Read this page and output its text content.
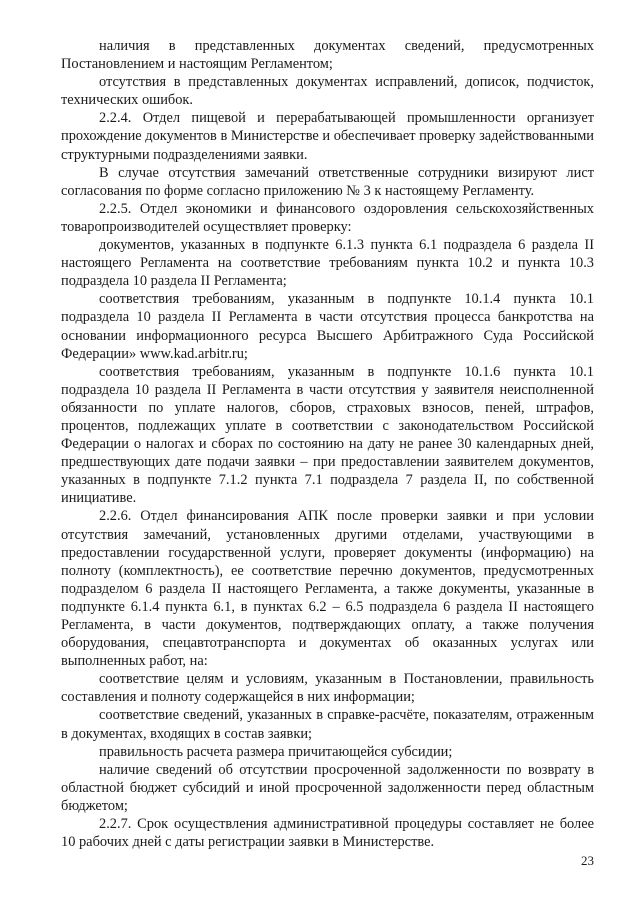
наличия в представленных документах сведений, предусмотренных Постановлением и настоящим Регламентом;

отсутствия в представленных документах исправлений, дописок, подчисток, технических ошибок.

2.2.4. Отдел пищевой и перерабатывающей промышленности организует прохождение документов в Министерстве и обеспечивает проверку задействованными структурными подразделениями заявки.

В случае отсутствия замечаний ответственные сотрудники визируют лист согласования по форме согласно приложению № 3 к настоящему Регламенту.

2.2.5. Отдел экономики и финансового оздоровления сельскохозяйственных товаропроизводителей осуществляет проверку:

документов, указанных в подпункте 6.1.3 пункта 6.1 подраздела 6 раздела II настоящего Регламента на соответствие требованиям пункта 10.2 и пункта 10.3 подраздела 10 раздела II Регламента;

соответствия требованиям, указанным в подпункте 10.1.4 пункта 10.1 подраздела 10 раздела II Регламента в части отсутствия процесса банкротства на основании информационного ресурса Высшего Арбитражного Суда Российской Федерации» www.kad.arbitr.ru;

соответствия требованиям, указанным в подпункте 10.1.6 пункта 10.1 подраздела 10 раздела II Регламента в части отсутствия у заявителя неисполненной обязанности по уплате налогов, сборов, страховых взносов, пеней, штрафов, процентов, подлежащих уплате в соответствии с законодательством Российской Федерации о налогах и сборах по состоянию на дату не ранее 30 календарных дней, предшествующих дате подачи заявки – при предоставлении заявителем документов, указанных в подпункте 7.1.2 пункта 7.1 подраздела 7 раздела II, по собственной инициативе.

2.2.6. Отдел финансирования АПК после проверки заявки и при условии отсутствия замечаний, установленных другими отделами, участвующими в предоставлении государственной услуги, проверяет документы (информацию) на полноту (комплектность), ее соответствие перечню документов, предусмотренных подразделом 6 раздела II настоящего Регламента, а также документы, указанные в подпункте 6.1.4 пункта 6.1, в пунктах 6.2 – 6.5 подраздела 6 раздела II настоящего Регламента, в части документов, подтверждающих оплату, а также получения оборудования, спецавтотранспорта и документах об оказанных услугах или выполненных работ, на:

соответствие целям и условиям, указанным в Постановлении, правильность составления и полноту содержащейся в них информации;

соответствие сведений, указанных в справке-расчёте, показателям, отраженным в документах, входящих в состав заявки;

правильность расчета размера причитающейся субсидии;

наличие сведений об отсутствии просроченной задолженности по возврату в областной бюджет субсидий и иной просроченной задолженности перед областным бюджетом;

2.2.7. Срок осуществления административной процедуры составляет не более 10 рабочих дней с даты регистрации заявки в Министерстве.

23
